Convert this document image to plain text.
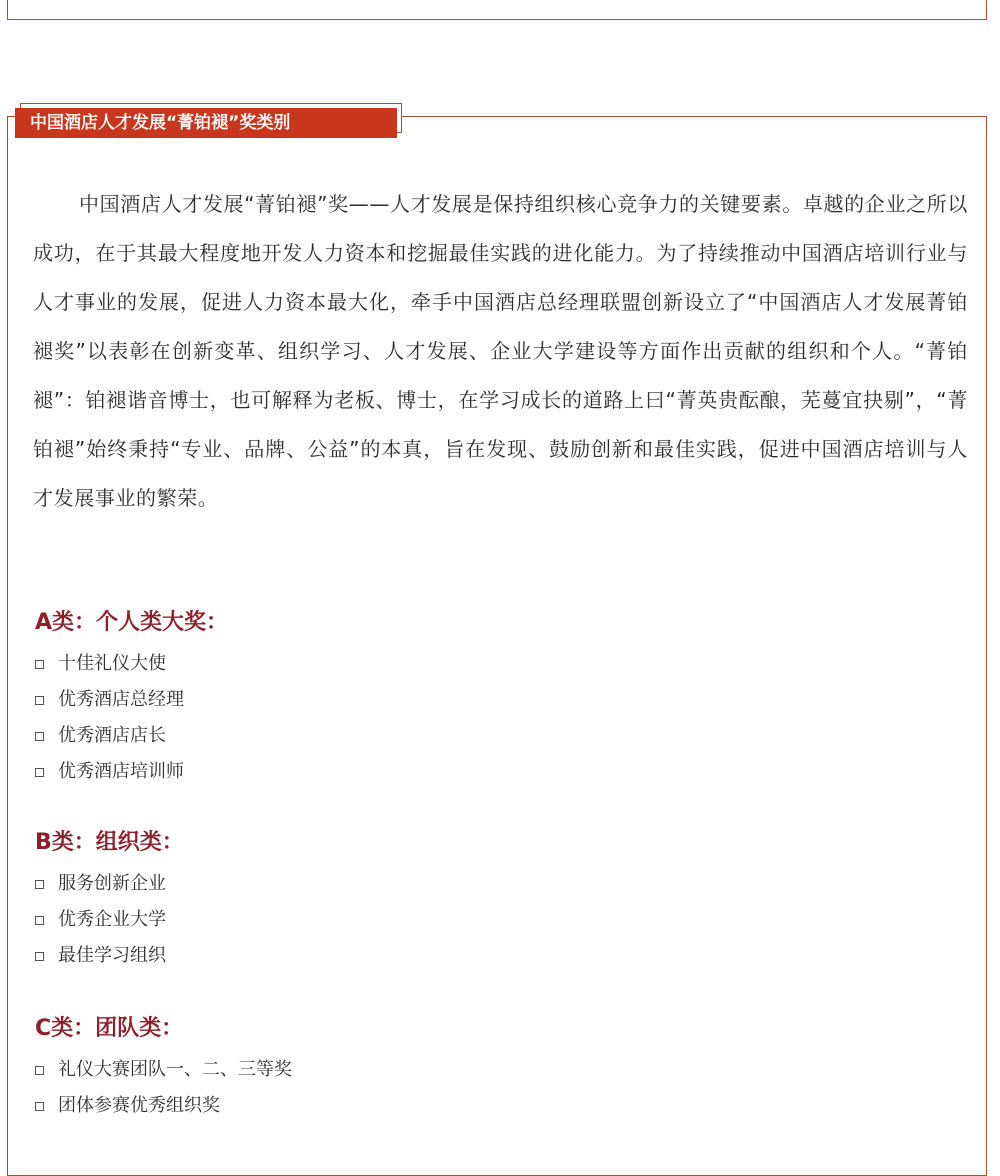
中国酒店人才发展“菁铂褪”奖类别

中国酒店人才发展“菁铂褪”奖——人才发展是保持组织核心竞争力的关键要素。卓越的企业之所以成功，在于其最大程度地开发人力资本和挖掘最佳实践的进化能力。为了持续推动中国酒店培训行业与人才事业的发展，促进人力资本最大化，牵手中国酒店总经理联盟创新设立了“中国酒店人才发展菁铂褪奖”以表彰在创新变革、组织学习、人才发展、企业大学建设等方面作出贡献的组织和个人。“菁铂褪”：铂褪谐音博士，也可解释为老板、博士，在学习成长的道路上曰“菁英贵酝酿，芜蔓宜抉剔”，“菁铂褪”始终秉持“专业、品牌、公益”的本真，旨在发现、鼓励创新和最佳实践，促进中国酒店培训与人才发展事业的繁荣。

A类：个人类大奖：
十佳礼仪大使
优秀酒店总经理
优秀酒店店长
优秀酒店培训师
B类：组织类：
服务创新企业
优秀企业大学
最佳学习组织
C类：团队类：
礼仪大赛团队一、二、三等奖
团体参赛优秀组织奖
